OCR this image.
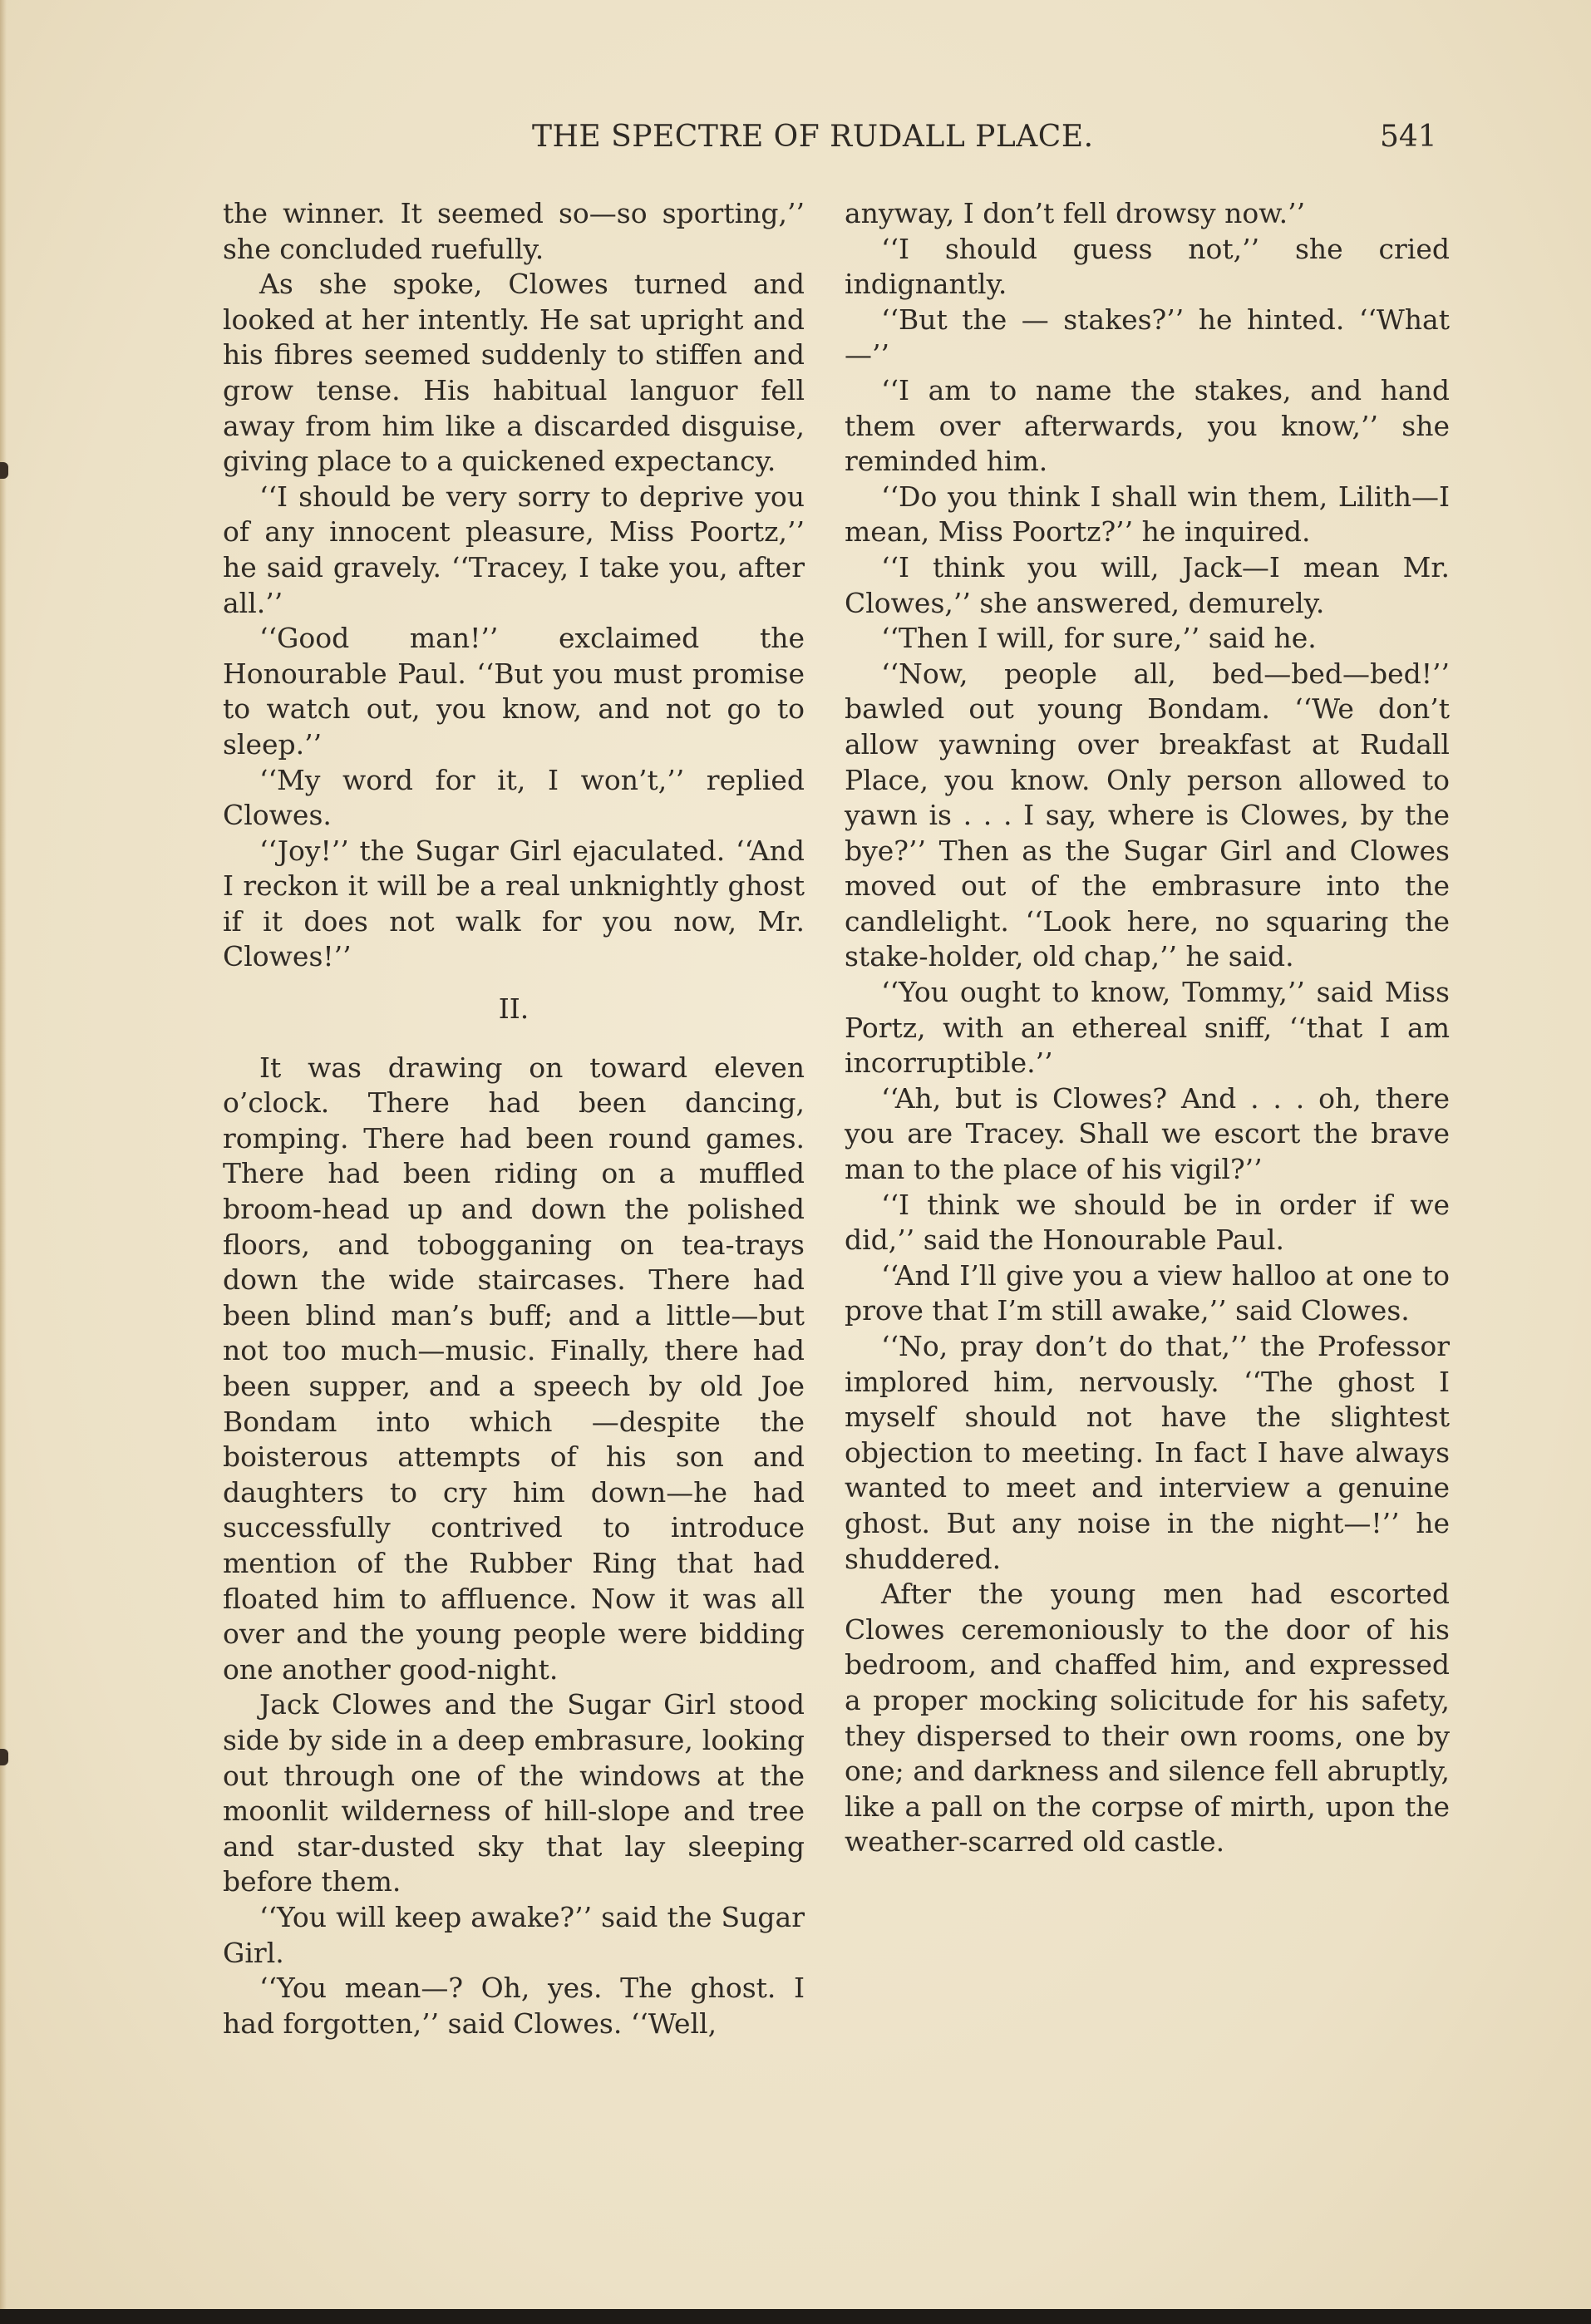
THE SPECTRE OF RUDALL PLACE.	541

the winner. It seemed so—so sporting,’’ she concluded ruefully.

As she spoke, Clowes turned and looked at her intently. He sat upright and his fibres seemed suddenly to stiffen and grow tense. His habitual languor fell away from him like a discarded disguise, giving place to a quickened expectancy.

‘‘I should be very sorry to deprive you of any innocent pleasure, Miss Poortz,’’ he said gravely. ‘‘Tracey, I take you, after all.’’

‘‘Good man!’’ exclaimed the Honourable Paul. ‘‘But you must promise to watch out, you know, and not go to sleep.’’

‘‘My word for it, I won’t,’’ replied Clowes.

‘‘Joy!’’ the Sugar Girl ejaculated. ‘‘And I reckon it will be a real unknightly ghost if it does not walk for you now, Mr. Clowes!’’

II.

It was drawing on toward eleven o’clock. There had been dancing, romping. There had been round games. There had been riding on a muffled broom-head up and down the polished floors, and tobogganing on tea-trays down the wide staircases. There had been blind man’s buff; and a little—but not too much—music. Finally, there had been supper, and a speech by old Joe Bondam into which —despite the boisterous attempts of his son and daughters to cry him down—he had successfully contrived to introduce mention of the Rubber Ring that had floated him to affluence. Now it was all over and the young people were bidding one another good-night.

Jack Clowes and the Sugar Girl stood side by side in a deep embrasure, looking out through one of the windows at the moonlit wilderness of hill-slope and tree and star-dusted sky that lay sleeping before them.

‘‘You will keep awake?’’ said the Sugar Girl.

‘‘You mean—? Oh, yes. The ghost. I had forgotten,’’ said Clowes. ‘‘Well,

anyway, I don’t fell drowsy now.’’

‘‘I should guess not,’’ she cried indignantly.

‘‘But the — stakes?’’ he hinted. ‘‘What—’’

‘‘I am to name the stakes, and hand them over afterwards, you know,’’ she reminded him.

‘‘Do you think I shall win them, Lilith—I mean, Miss Poortz?’’ he inquired.

‘‘I think you will, Jack—I mean Mr. Clowes,’’ she answered, demurely.

‘‘Then I will, for sure,’’ said he.

‘‘Now, people all, bed—bed—bed!’’ bawled out young Bondam. ‘‘We don’t allow yawning over breakfast at Rudall Place, you know. Only person allowed to yawn is . . . I say, where is Clowes, by the bye?’’ Then as the Sugar Girl and Clowes moved out of the embrasure into the candlelight. ‘‘Look here, no squaring the stake-holder, old chap,’’ he said.

‘‘You ought to know, Tommy,’’ said Miss Portz, with an ethereal sniff, ‘‘that I am incorruptible.’’

‘‘Ah, but is Clowes? And . . . oh, there you are Tracey. Shall we escort the brave man to the place of his vigil?’’

‘‘I think we should be in order if we did,’’ said the Honourable Paul.

‘‘And I’ll give you a view halloo at one to prove that I’m still awake,’’ said Clowes.

‘‘No, pray don’t do that,’’ the Professor implored him, nervously. ‘‘The ghost I myself should not have the slightest objection to meeting. In fact I have always wanted to meet and interview a genuine ghost. But any noise in the night—!’’ he shuddered.

After the young men had escorted Clowes ceremoniously to the door of his bedroom, and chaffed him, and expressed a proper mocking solicitude for his safety, they dispersed to their own rooms, one by one; and darkness and silence fell abruptly, like a pall on the corpse of mirth, upon the weather-scarred old castle.
